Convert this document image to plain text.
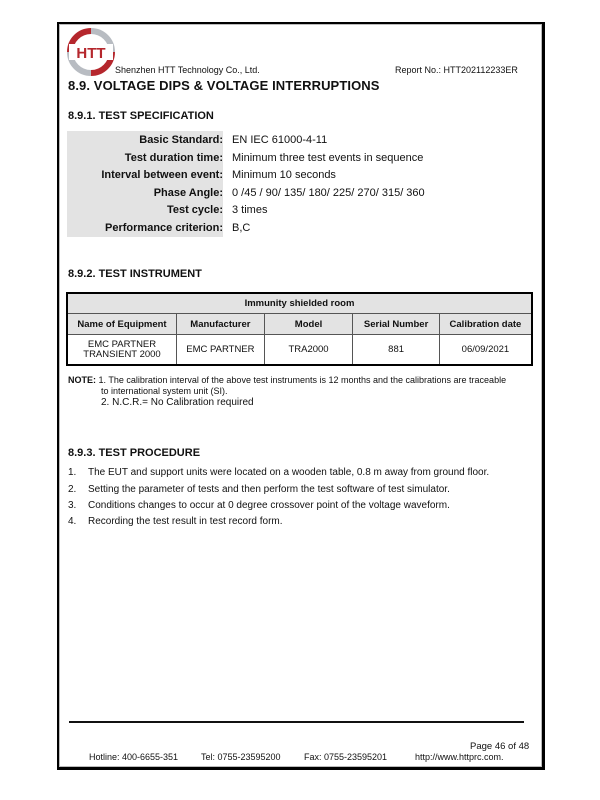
HTT
Shenzhen HTT Technology Co., Ltd.	Report No.: HTT202112233ER
8.9. VOLTAGE DIPS & VOLTAGE INTERRUPTIONS
8.9.1. TEST SPECIFICATION
Basic Standard: EN IEC 61000-4-11
Test duration time: Minimum three test events in sequence
Interval between event: Minimum 10 seconds
Phase Angle: 0 /45 / 90/ 135/ 180/ 225/ 270/ 315/ 360
Test cycle: 3 times
Performance criterion: B,C
8.9.2. TEST INSTRUMENT
Immunity shielded room				
Name of Equipment	Manufacturer	Model	Serial Number	Calibration date

EMC PARTNER
TRANSIENT 2000	EMC PARTNER	TRA2000	881	06/09/2021
NOTE: 1. The calibration interval of the above test instruments is 12 months and the calibrations are traceable
to international system unit (SI).
2. N.C.R.= No Calibration required
8.9.3. TEST PROCEDURE
1. The EUT and support units were located on a wooden table, 0.8 m away from ground floor.
2. Setting the parameter of tests and then perform the test software of test simulator.
3. Conditions changes to occur at 0 degree crossover point of the voltage waveform.
4. Recording the test result in test record form.
Page 46 of 48
Hotline: 400-6655-351	Tel: 0755-23595200	Fax: 0755-23595201	http://www.httprc.com.
